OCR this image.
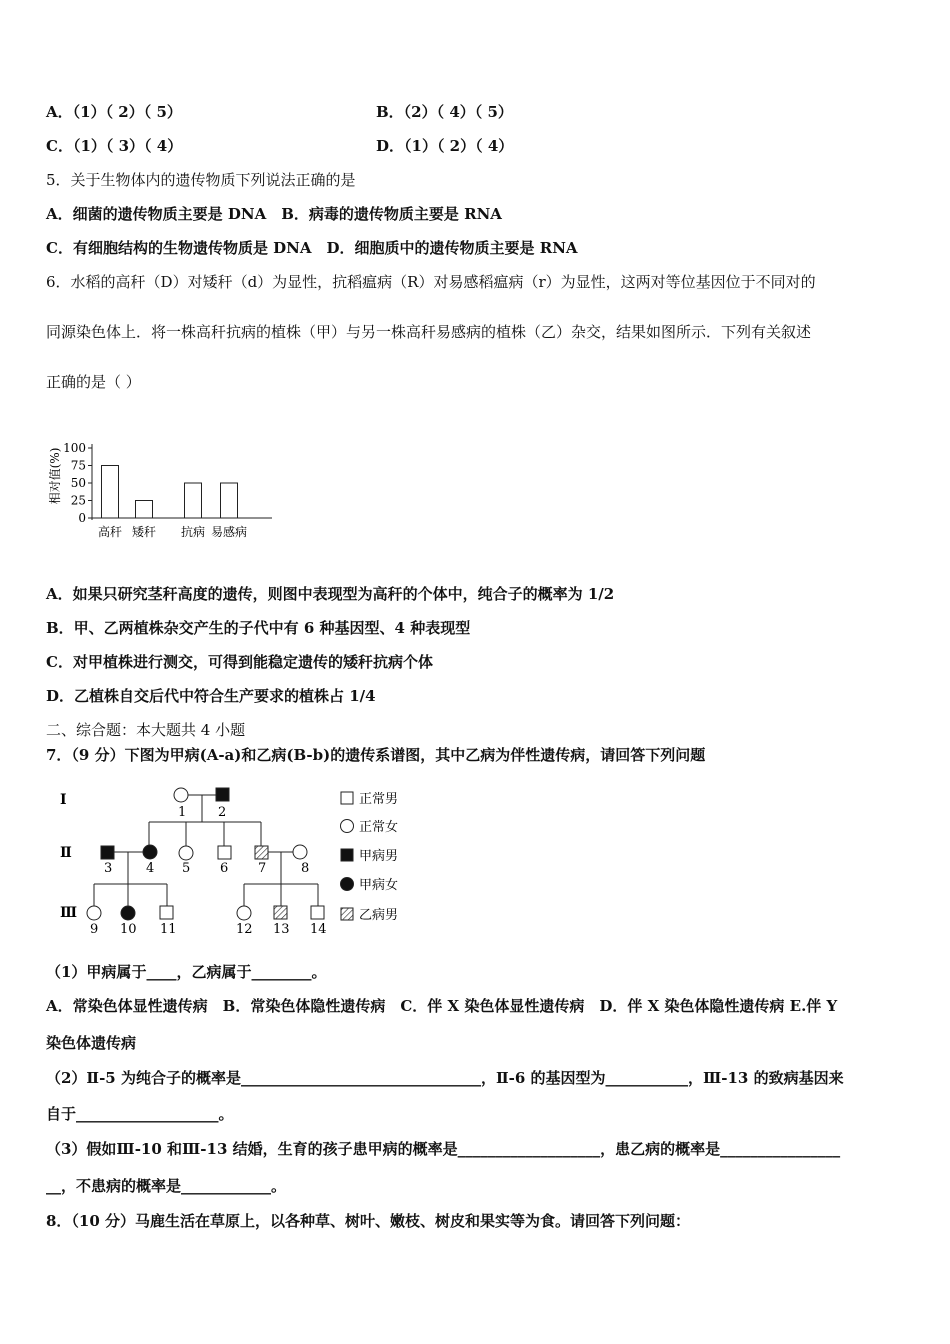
A．（1）（ 2）（ 5）	B．（2）（ 4）（ 5）
C．（1）（ 3）（ 4）	D．（1）（ 2）（ 4）
5．关于生物体内的遗传物质下列说法正确的是
A．细菌的遗传物质主要是 DNA　B．病毒的遗传物质主要是 RNA
C．有细胞结构的生物遗传物质是 DNA　D．细胞质中的遗传物质主要是 RNA
6．水稻的高秆（D）对矮秆（d）为显性，抗稻瘟病（R）对易感稻瘟病（r）为显性，这两对等位基因位于不同对的
同源染色体上．将一株高秆抗病的植株（甲）与另一株高秆易感病的植株（乙）杂交，结果如图所示．下列有关叙述
正确的是（ ）
相对值(%) 100
75
50
25
0
高秆 矮秆 抗病 易感病
A．如果只研究茎秆高度的遗传，则图中表现型为高秆的个体中，纯合子的概率为 1/2
B．甲、乙两植株杂交产生的子代中有 6 种基因型、4 种表现型
C．对甲植株进行测交，可得到能稳定遗传的矮秆抗病个体
D．乙植株自交后代中符合生产要求的植株占 1/4
二、综合题：本大题共 4 小题
7．（9 分）下图为甲病(A-a)和乙病(B-b)的遗传系谱图，其中乙病为伴性遗传病，请回答下列问题
Ⅰ
Ⅱ
Ⅲ
1 2
3	4 5 6 7	8
9 10 11	12 13 14
正常男
正常女
甲病男
甲病女
乙病男
（1）甲病属于____，乙病属于________。
A．常染色体显性遗传病　B．常染色体隐性遗传病　C．伴 X 染色体显性遗传病　D．伴 X 染色体隐性遗传病 E.伴 Y
染色体遗传病
（2）Ⅱ-5 为纯合子的概率是________________________________，Ⅱ-6 的基因型为___________，Ⅲ-13 的致病基因来
自于___________________。
（3）假如Ⅲ-10 和Ⅲ-13 结婚，生育的孩子患甲病的概率是___________________，患乙病的概率是________________
__，不患病的概率是____________。
8．（10 分）马鹿生活在草原上，以各种草、树叶、嫩枝、树皮和果实等为食。请回答下列问题：
